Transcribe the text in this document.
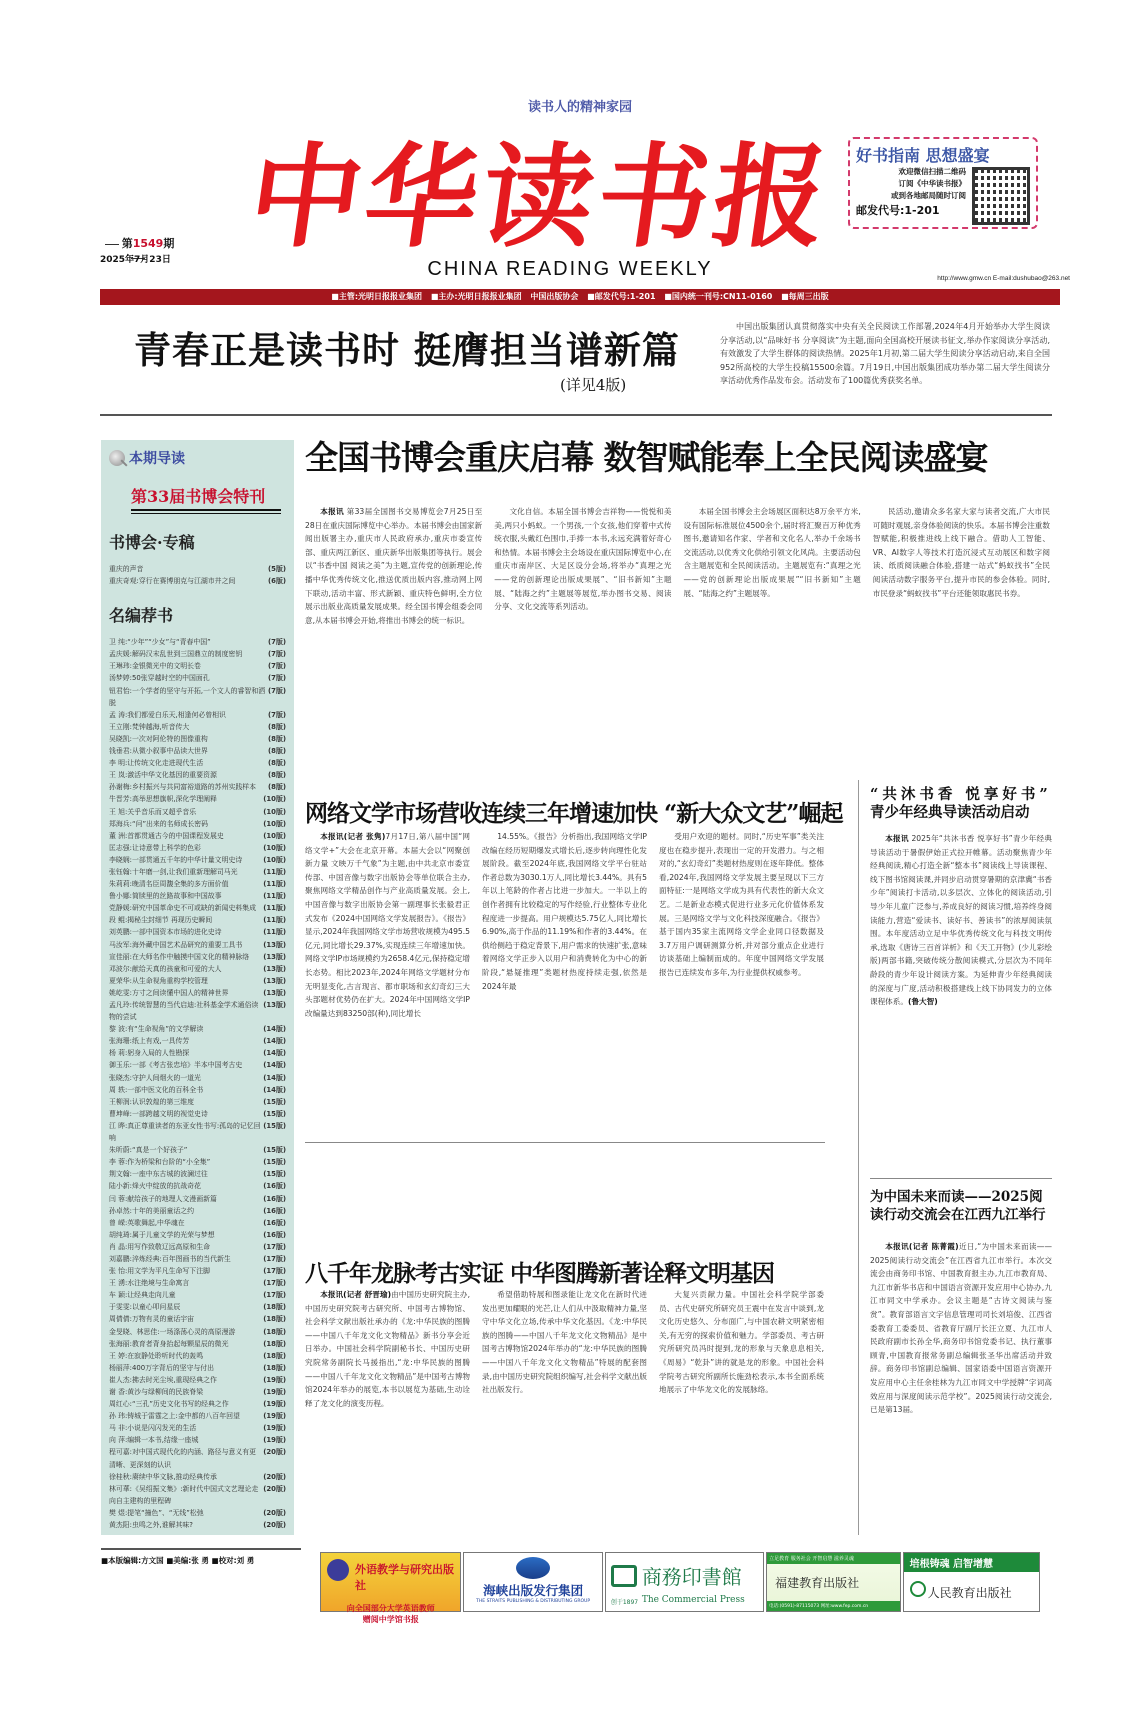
读书人的精神家园
中华读书报
CHINA READING WEEKLY
第1549期
2025年7月23日
好书指南 思想盛宴
欢迎微信扫描二维码
订阅《中华读书报》
或到各地邮局随时订阅
邮发代号:1-201
http://www.gmw.cn E-mail:dushubao@263.net
■主管:光明日报报业集团 ■主办:光明日报报业集团 中国出版协会 ■邮发代号:1-201 ■国内统一刊号:CN11-0160 ■每周三出版
青春正是读书时 挺膺担当谱新篇
(详见4版)
中国出版集团认真贯彻落实中央有关全民阅读工作部署,2024年4月开始举办大学生阅读分享活动,以“品味好书 分享阅读”为主题,面向全国高校开展读书征文,举办作家阅读分享活动,有效激发了大学生群体的阅读热情。2025年1月初,第二届大学生阅读分享活动启动,来自全国952所高校的大学生投稿15500余篇。7月19日,中国出版集团成功举办第二届大学生阅读分享活动优秀作品发布会。活动发布了100篇优秀获奖名单。
本期导读
第33届书博会特刊
书博会·专稿
重庆的声音	(5版)
重庆奇观:穿行在赛博朋克与江湖市井之间	(6版)
名编荐书
卫 纯:“少年”“少女”与“青春中国”	(7版)
孟庆媛:解码汉末乱世到三国鼎立的制度密钥	(7版)
王琳玮:金银微光中的文明长卷	(7版)
汤梦婷:50张穿越时空的中国面孔	(7版)
钮君怡:一个学者的坚守与开拓,一个文人的睿智和洒脱
(7版)
孟 涛:我们都爱白乐天,相逢何必曾相识	(7版)
王立刚:梵钟越海,听音传大	(8版)
吴晓凯:一次对阿伦特的图像重构	(8版)
钱垂君:从微小叙事中品读大世界	(8版)
李 明:让传统文化走进现代生活	(8版)
王 岚:激活中华文化基因的重要资源	(8版)
孙谢梅:乡村振兴与共同富裕道路的苏州实践样本	(8版)
牛晋芳:高举思想旗帜,深化学理阐释	(10版)
王 旭:关乎音乐而又超乎音乐	(10版)
郑海兵:“问”出来的名师成长密码	(10版)
董 洲:首都贯通古今的中国课程发展史	(10版)
匡志强:让诗意带上科学的色彩	(10版)
李晓娴:一部贯通五千年的中华计量文明史诗	(10版)
张钰翰:十年磨一剑,让我们重新理解司马光	(11版)
朱莉莉:晚清名臣周馥全集的多方面价值	(11版)
鲁小娜:简牍里的丝路故事和中国故事	(11版)
党静媛:研究中国革命史不可或缺的新闻史料集成	(11版)
段 鲲:揭秘尘封细节 再现历史瞬间	(11版)
刘英鹏:一部中国资本市场的进化史诗	(11版)
马汝军:海外藏中国艺术品研究的重要工具书	(13版)
宣佳丽:在大师名作中触摸中国文化的精神脉络	(13版)
邓波尔:献给天真的孩童和可爱的大人	(13版)
夏荣华:从生命视角重构学校管理	(13版)
姚屹雯:方寸之间读懂中国人的精神世界	(13版)
孟凡玲:传统智慧的当代启迪:社科基金学术通俗读物的尝试
(13版)
黎 波:有“生命视角”的文学解读	(14版)
张海珊:纸上有戏,一具传芳	(14版)
杨 莉:躬身入局的人性勘探	(14版)
御玉乐:一部《考古张忠培》半本中国考古史	(14版)
张晓杰:守护人间烟火的一道光	(14版)
周 轶:一部中医文化的百科全书	(14版)
王柳润:认识敦煌的第三维度	(15版)
曹坤峰:一部跨越文明的视觉史诗	(15版)
江 晔:真正尊重读者的东亚女性书写:孤岛的记忆回响
(15版)
朱昕蔚:“真是一个好孩子”	(15版)
李 蓉:作为桥梁和台阶的“小全集”	(15版)
荆文翰:一座中东古城的波澜过往	(15版)
陆小新:烽火中绽放的抗战奇花	(16版)
闫 蓉:献给孩子的地理人文漫画新篇	(16版)
孙卓然:十年的美丽童话之约	(16版)
曾 嵘:英歌舞起,中华魂在	(16版)
胡纯琦:属于儿童文学的光荣与梦想	(16版)
肖 晶:用写作致敬辽远高原和生命	(17版)
刘嘉鹏:淬炼经典:百年图画书的当代新生	(17版)
张 怡:用文学为平凡生命写下注脚	(17版)
王 湧:水注绝境与生命寓言	(17版)
车 颖:让经典走向儿童	(17版)
于雯雯:以童心叩问星辰	(18版)
周倩倩:万物有灵的童话宇宙	(18版)
金旻晓、林思佳:一场涤荡心灵的高原漫游	(18版)
张海丽:教育者背身抬起每颗星辰的微光	(18版)
王 婷:在寂静处聆听时代的轰鸣	(18版)
杨丽萍:400万字背后的坚守与付出	(18版)
崔人杰:拂去时光尘埃,重现经典之作	(19版)
谢 香:黄沙与绿柳间的民族脊梁	(19版)
周红心:“三孔”历史文化书写的经典之作	(19版)
孙 玮:铸城于雷霆之上:金中都的八百年回望	(19版)
马 非:小说是闪闪发光的生活	(19版)
向 萍:编辑一本书,结缘一座城	(19版)
程可嘉:对中国式现代化的内涵、路径与意义有更清晰、更深刻的认识
(20版)
徐桂秋:赓续中华文脉,推动经典传承	(20版)
林可華:《吴绍振文集》:新时代中国式文艺理论走向自主建构的里程碑
(20版)
樊 煜:提笔“撞色”、“无线”松弛	(20版)
黄杰阳:虫鸣之外,谁解其味?	(20版)
■本版编辑:方文国 ■美编:张 勇 ■校对:刘 勇
全国书博会重庆启幕 数智赋能奉上全民阅读盛宴

本报讯 第33届全国图书交易博览会7月25日至28日在重庆国际博览中心举办。本届书博会由国家新闻出版署主办,重庆市人民政府承办,重庆市委宣传部、重庆两江新区、重庆新华出版集团等执行。展会以“书香中国 阅读之美”为主题,宣传党的创新理论,传播中华优秀传统文化,推送优质出版内容,推动网上网下联动,活动丰富、形式新颖、重庆特色鲜明,全方位展示出版业高质量发展成果。经全国书博会组委会同意,从本届书博会开始,将推出书博会的统一标识。

文化自信。本届全国书博会吉祥物——悦悦和美美,两只小蚂蚁。一个男孩,一个女孩,他们穿着中式传统衣服,头戴红色围巾,手捧一本书,永远充满着好奇心和热情。本届书博会主会场设在重庆国际博览中心,在重庆市南岸区、大足区设分会场,将举办“真理之光——党的创新理论出版成果展”、“旧书新知”主题展、“陆海之约”主题展等展览,举办图书交易、阅读分享、文化交流等系列活动。

本届全国书博会主会场展区面积达8万余平方米,设有国际标准展位4500余个,届时将汇聚百万种优秀图书,邀请知名作家、学者和文化名人,举办千余场书交流活动,以优秀文化供给引领文化风尚。主要活动包含主题展览和全民阅读活动。主题展览有:“真理之光——党的创新理论出版成果展”“旧书新知”主题展、“陆海之约”主题展等。

民活动,邀请众多名家大家与读者交流,广大市民可随时观展,亲身体验阅读的快乐。本届书博会注重数智赋能,积极推进线上线下融合。借助人工智能、VR、AI数字人等技术打造沉浸式互动展区和数字阅读、纸质阅读融合体验,搭建一站式“蚂蚁找书”全民阅读活动数字服务平台,提升市民的参会体验。同时,市民登录“蚂蚁找书”平台还能领取惠民书券。

网络文学市场营收连续三年增速加快 “新大众文艺”崛起

本报讯(记者 张隽)7月17日,第八届中国“网络文学+”大会在北京开幕。本届大会以“网聚创新力量 文映万千气象”为主题,由中共北京市委宣传部、中国音像与数字出版协会等单位联合主办,聚焦网络文学精品创作与产业高质量发展。会上,中国音像与数字出版协会第一副理事长张毅君正式发布《2024中国网络文学发展报告》。《报告》显示,2024年我国网络文学市场营收规模为495.5亿元,同比增长29.37%,实现连续三年增速加快。网络文学IP市场规模约为2658.4亿元,保持稳定增长态势。相比2023年,2024年网络文学题材分布无明显变化,古言现言、都市职场和玄幻奇幻三大头部题材优势仍在扩大。2024年中国网络文学IP改编量达到83250部(种),同比增长

14.55%。《报告》分析指出,我国网络文学IP改编在经历短期爆发式增长后,逐步转向理性化发展阶段。截至2024年底,我国网络文学平台驻站作者总数为3030.1万人,同比增长3.44%。具有5年以上笔龄的作者占比进一步加大。一半以上的创作者拥有比较稳定的写作经验,行业整体专业化程度进一步提高。用户规模达5.75亿人,同比增长6.90%,高于作品的11.19%和作者的3.44%。在供给侧趋于稳定背景下,用户需求的快速扩张,意味着网络文学正步入以用户和消费转化为中心的新阶段,“悬疑推理”类题材热度持续走强,依然是2024年最

受用户欢迎的题材。同时,“历史军事”类关注度也在稳步提升,表现出一定的开发潜力。与之相对的,“玄幻奇幻”类题材热度则在逐年降低。整体看,2024年,我国网络文学发展主要呈现以下三方面特征:一是网络文学成为具有代表性的新大众文艺。二是新业态模式促进行业多元化价值体系发展。三是网络文学与文化科技深度融合。《报告》基于国内35家主流网络文学企业同口径数据及3.7万用户调研测算分析,并对部分重点企业进行访谈基础上编制而成的。年度中国网络文学发展报告已连续发布多年,为行业提供权威参考。

八千年龙脉考古实证 中华图腾新著诠释文明基因

本报讯(记者 舒晋瑜)由中国历史研究院主办,中国历史研究院考古研究所、中国考古博物馆、社会科学文献出版社承办的《龙:中华民族的图腾——中国八千年龙文化文物精品》新书分享会近日举办。中国社会科学院副秘书长、中国历史研究院常务副院长马援指出,“龙:中华民族的图腾——中国八千年龙文化文物精品”是中国考古博物馆2024年举办的展览,本书以展览为基础,生动诠释了龙文化的演变历程。

希望借助特展和图录能让龙文化在新时代迸发出更加耀眼的光芒,让人们从中汲取精神力量,坚守中华文化立场,传承中华文化基因。《龙:中华民族的图腾——中国八千年龙文化文物精品》是中国考古博物馆2024年举办的“龙:中华民族的图腾——中国八千年龙文化文物精品”特展的配套图录,由中国历史研究院组织编写,社会科学文献出版社出版发行。

大复兴贡献力量。中国社会科学院学部委员、古代史研究所研究员王震中在发言中谈到,龙文化历史悠久、分布面广,与中国农耕文明紧密相关,有无穷的探索价值和魅力。学部委员、考古研究所研究员冯时提到,龙的形象与天象息息相关,《周易》“乾卦”讲的就是龙的形象。中国社会科学院考古研究所副所长施劲松表示,本书全面系统地展示了中华龙文化的发展脉络。

“共沐书香 悦享好书”
青少年经典导读活动启动

本报讯 2025年“共沐书香 悦享好书”青少年经典导读活动于暑假伊始正式拉开帷幕。活动聚焦青少年经典阅读,精心打造全新“整本书”阅读线上导读课程、线下图书馆阅读课,并同步启动贯穿暑期的京津冀“书香少年”阅读打卡活动,以多层次、立体化的阅读活动,引导少年儿童广泛参与,养成良好的阅读习惯,培养终身阅读能力,营造“爱读书、读好书、善读书”的浓厚阅读氛围。本年度活动立足中华优秀传统文化与科技文明传承,选取《唐诗三百首详析》和《天工开物》(少儿彩绘版)两部书籍,突破传统分散阅读模式,分层次为不同年龄段的青少年设计阅读方案。为延伸青少年经典阅读的深度与广度,活动积极搭建线上线下协同发力的立体课程体系。(鲁大智)

为中国未来而读——2025阅读行动交流会在江西九江举行

本报讯(记者 陈菁霞)近日,“为中国未来而读——2025阅读行动交流会”在江西省九江市举行。本次交流会由商务印书馆、中国教育报主办,九江市教育局、九江市新华书店和中国语言资源开发应用中心协办,九江市同文中学承办。会议主题是“古诗文阅读与鉴赏”。教育部语言文字信息管理司司长刘培俊、江西省委教育工委委员、省教育厅副厅长汪立夏、九江市人民政府副市长孙全华,商务印书馆党委书记、执行董事顾青,中国教育报常务副总编辑张圣华出席活动并致辞。商务印书馆副总编辑、国家语委中国语言资源开发应用中心主任余桂林为九江市同文中学授牌“字词高效应用与深度阅读示范学校”。2025阅读行动交流会,已是第13届。

外语教学与研究出版社
向全国部分大学英语教师
赠阅中学馆书报
海峡出版发行集团
THE STRAITS PUBLISHING & DISTRIBUTING GROUP
商務印書館
创于1897 The Commercial Press
立足教育 服务社会 开智启慧 滋养灵魂
福建教育出版社
电话:(0591)-87115073 网址:www.fep.com.cn
培根铸魂 启智增慧
人民教育出版社
